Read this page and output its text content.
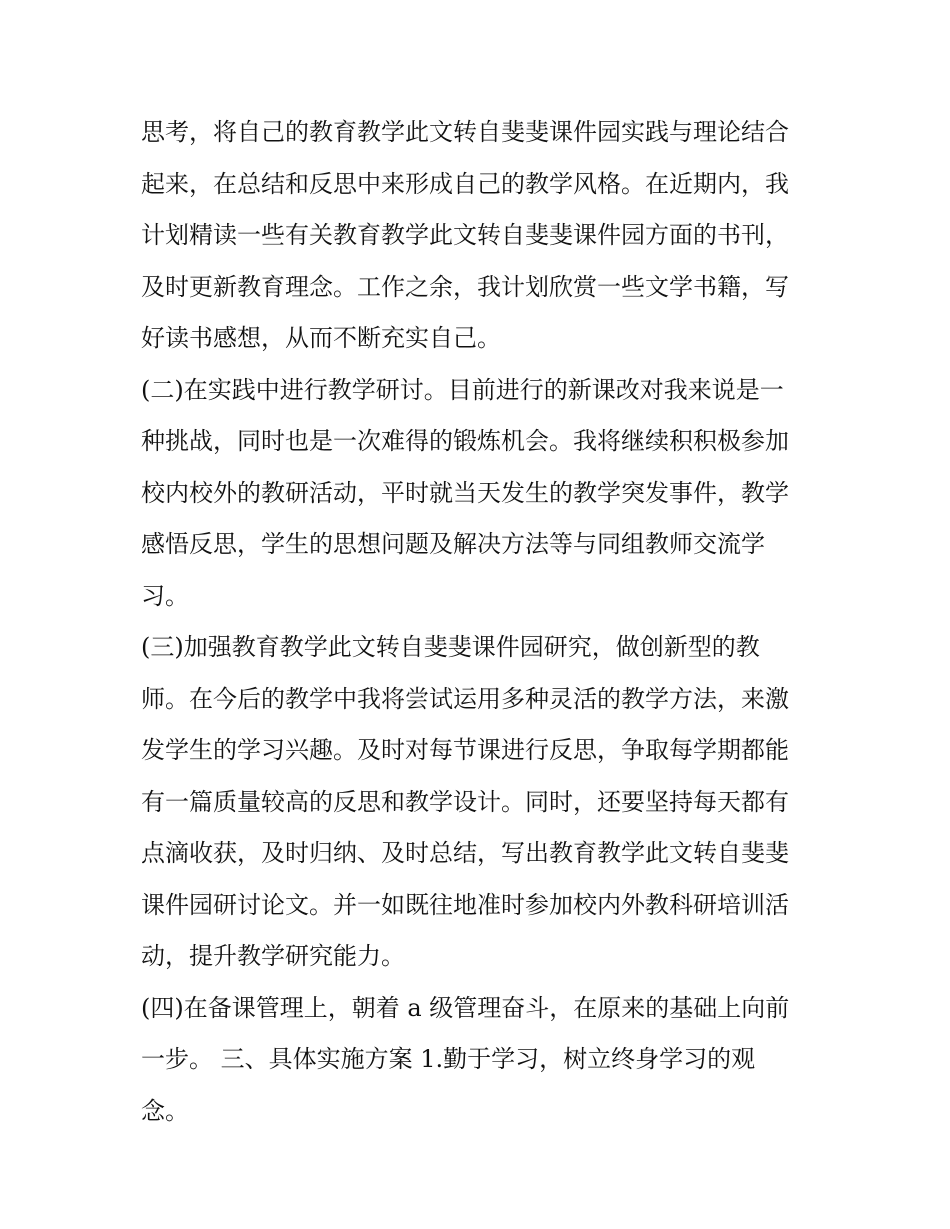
思考，将自己的教育教学此文转自斐斐课件园实践与理论结合
起来，在总结和反思中来形成自己的教学风格。在近期内，我
计划精读一些有关教育教学此文转自斐斐课件园方面的书刊，
及时更新教育理念。工作之余，我计划欣赏一些文学书籍，写
好读书感想，从而不断充实自己。
(二)在实践中进行教学研讨。目前进行的新课改对我来说是一
种挑战，同时也是一次难得的锻炼机会。我将继续积积极参加
校内校外的教研活动，平时就当天发生的教学突发事件，教学
感悟反思，学生的思想问题及解决方法等与同组教师交流学
习。
(三)加强教育教学此文转自斐斐课件园研究，做创新型的教
师。在今后的教学中我将尝试运用多种灵活的教学方法，来激
发学生的学习兴趣。及时对每节课进行反思，争取每学期都能
有一篇质量较高的反思和教学设计。同时，还要坚持每天都有
点滴收获，及时归纳、及时总结，写出教育教学此文转自斐斐
课件园研讨论文。并一如既往地准时参加校内外教科研培训活
动，提升教学研究能力。
(四)在备课管理上，朝着 a 级管理奋斗，在原来的基础上向前
一步。 三、具体实施方案 1.勤于学习，树立终身学习的观
念。
